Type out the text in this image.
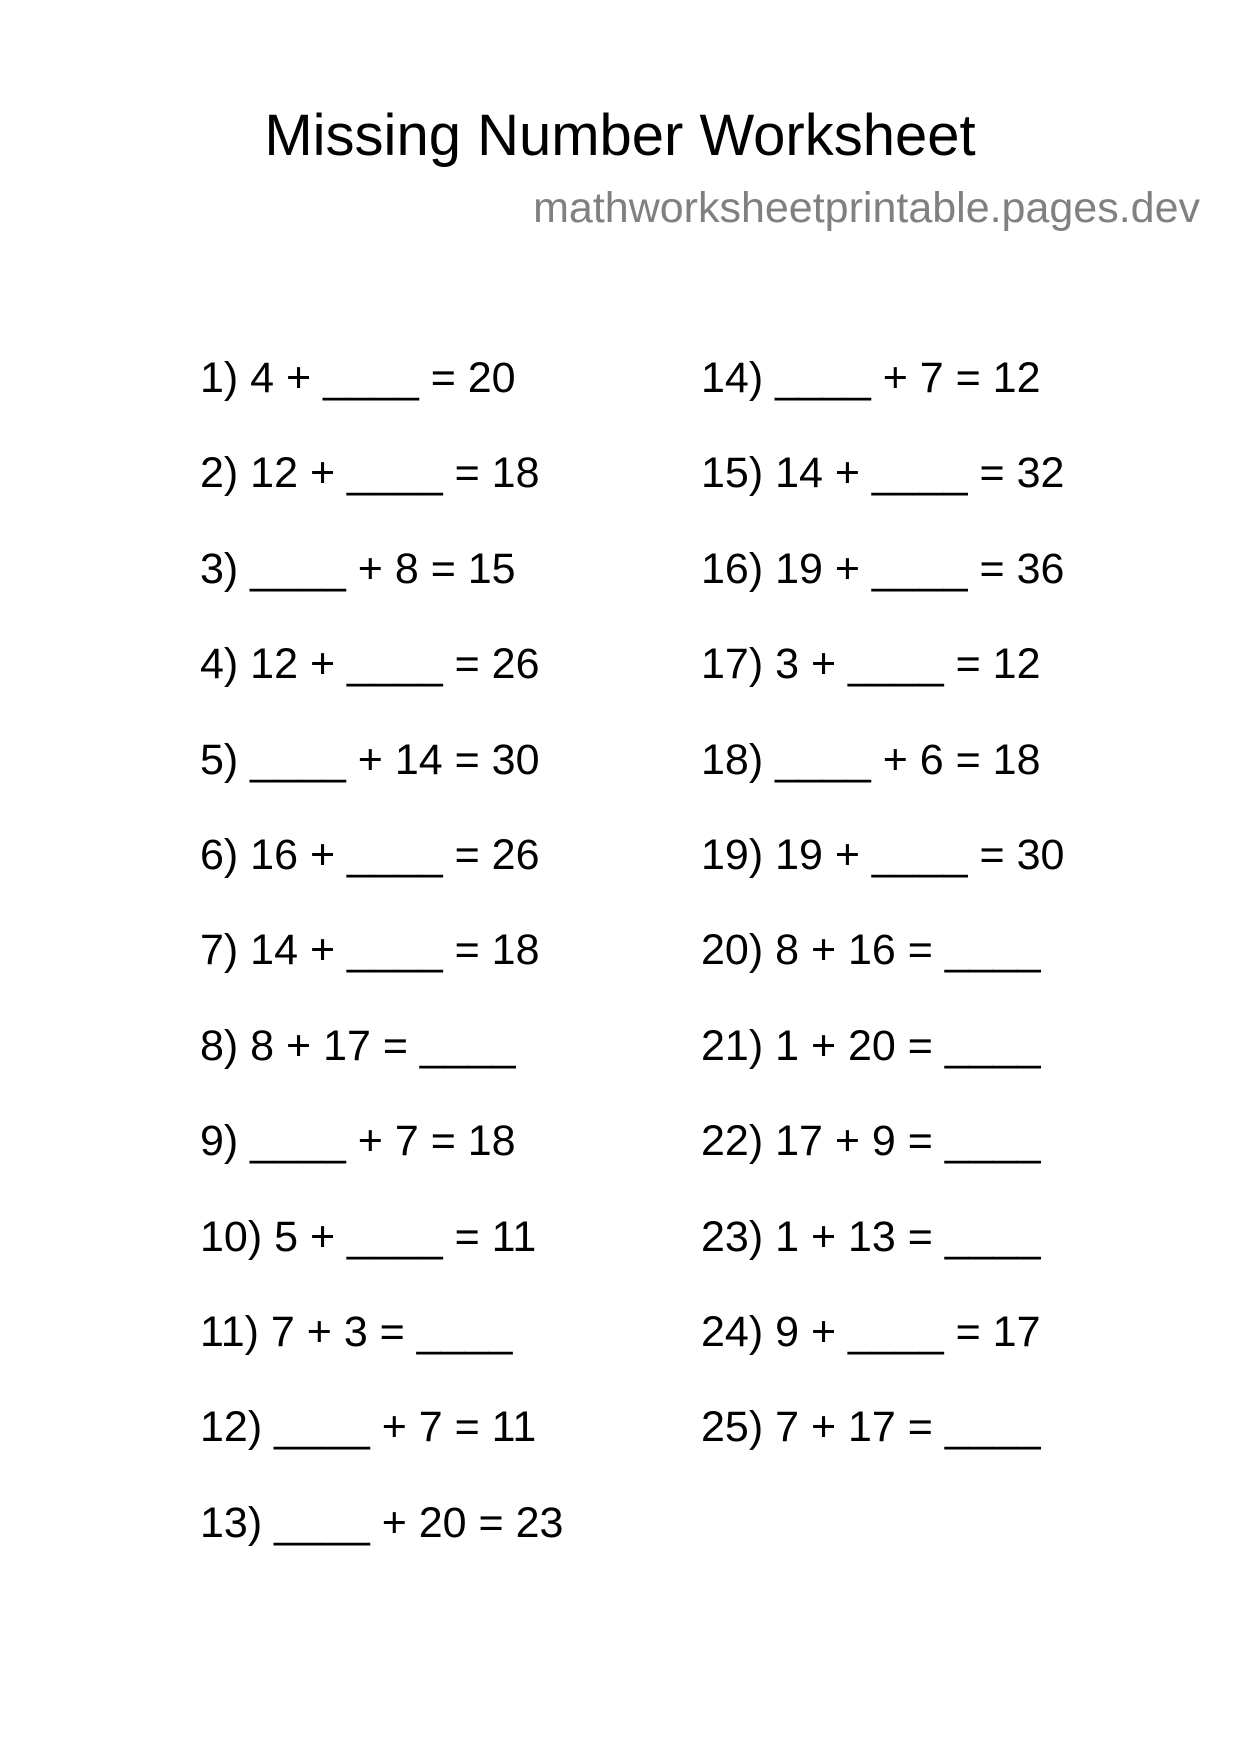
Missing Number Worksheet
mathworksheetprintable.pages.dev
1) 4 + ____ = 20
2) 12 + ____ = 18
3) ____ + 8 = 15
4) 12 + ____ = 26
5) ____ + 14 = 30
6) 16 + ____ = 26
7) 14 + ____ = 18
8) 8 + 17 = ____
9) ____ + 7 = 18
10) 5 + ____ = 11
11) 7 + 3 = ____
12) ____ + 7 = 11
13) ____ + 20 = 23
14) ____ + 7 = 12
15) 14 + ____ = 32
16) 19 + ____ = 36
17) 3 + ____ = 12
18) ____ + 6 = 18
19) 19 + ____ = 30
20) 8 + 16 = ____
21) 1 + 20 = ____
22) 17 + 9 = ____
23) 1 + 13 = ____
24) 9 + ____ = 17
25) 7 + 17 = ____
